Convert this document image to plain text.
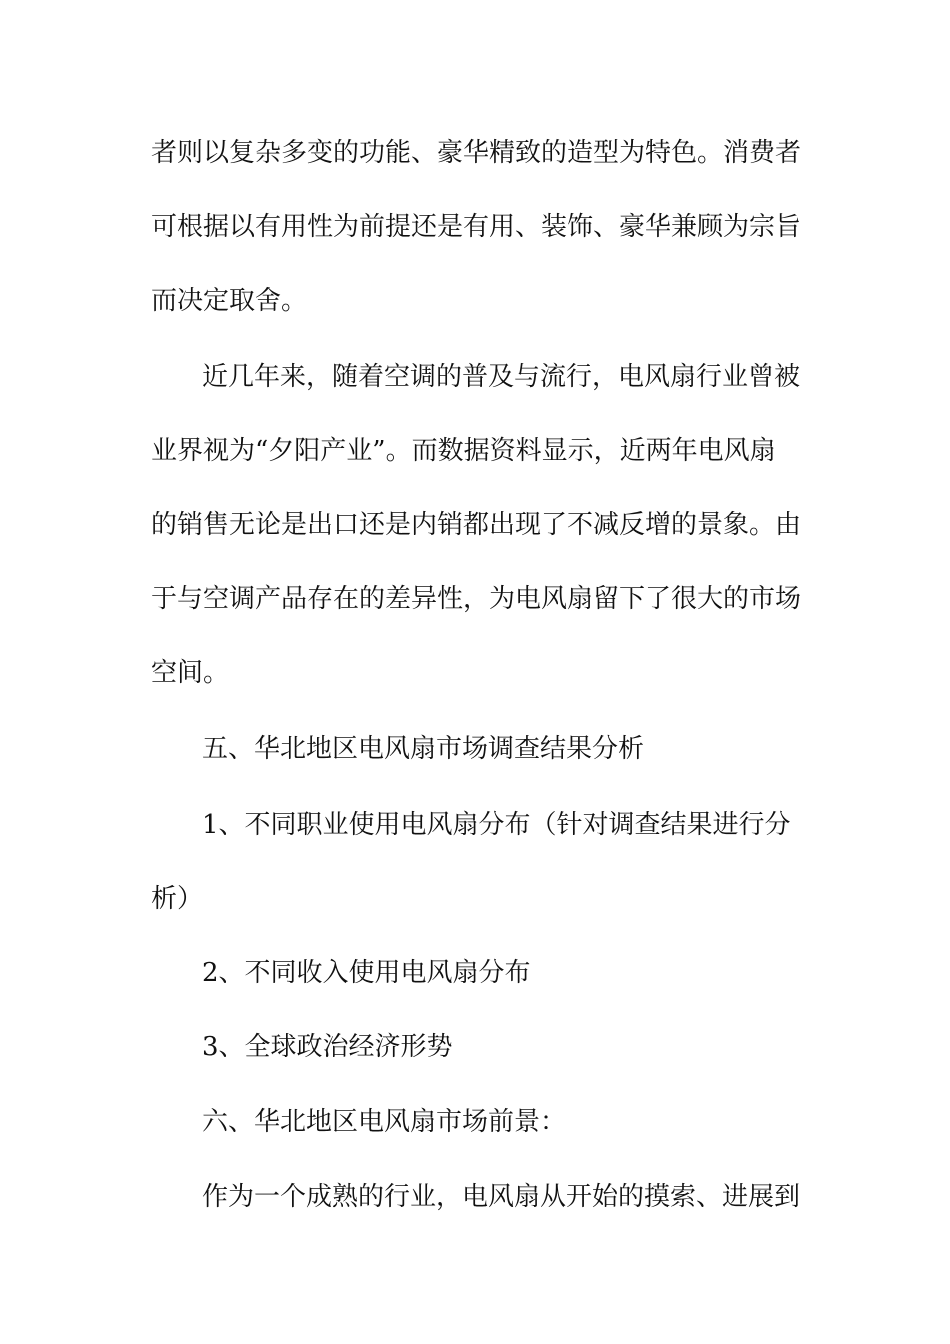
者则以复杂多变的功能、豪华精致的造型为特色。消费者
可根据以有用性为前提还是有用、装饰、豪华兼顾为宗旨
而决定取舍。
近几年来，随着空调的普及与流行，电风扇行业曾被
业界视为“夕阳产业”。而数据资料显示，近两年电风扇
的销售无论是出口还是内销都出现了不减反增的景象。由
于与空调产品存在的差异性，为电风扇留下了很大的市场
空间。
五、华北地区电风扇市场调查结果分析
1、不同职业使用电风扇分布（针对调查结果进行分
析）
2、不同收入使用电风扇分布
3、全球政治经济形势
六、华北地区电风扇市场前景：
作为一个成熟的行业，电风扇从开始的摸索、进展到
